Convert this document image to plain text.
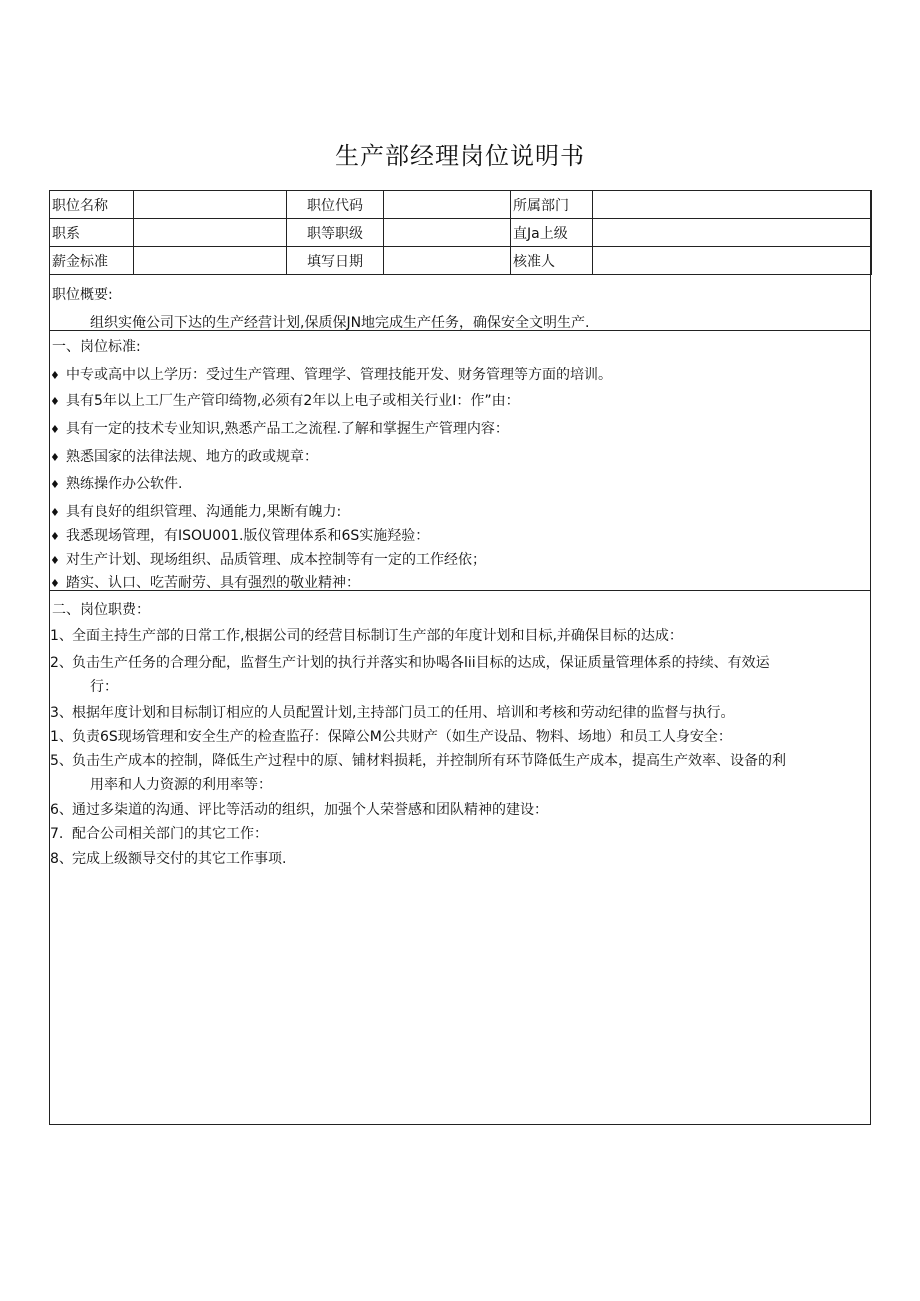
生产部经理岗位说明书
职位名称		职位代码		所属部门	
职系		职等职级		直Ja上级	
薪金标准		填写日期		核准人	
职位概要:
组织实俺公司下达的生产经营计划,保质保JN地完成生产任务，确保安全文明生产.
一、岗位标准:
♦ 中专或高中以上学历：受过生产管理、管理学、管理技能开发、财务管理等方面的培训。
♦ 具有5年以上工厂生产管印绮物,必须有2年以上电子或相关行业I：作”由：
♦ 具有一定的技术专业知识,熟悉产品工之流程.了解和掌握生产管理内容：
♦ 熟悉国家的法律法规、地方的政或规章：
♦ 熟练操作办公软件.
♦ 具有良好的组织管理、沟通能力,果断有魄力:
♦ 我悉现场管理，有ISOU001.版仪管理体系和6S实施羟验：
♦ 对生产计划、现场组织、品质管理、成本控制等有一定的工作经依；
♦ 踏实、认口、吃苦耐劳、具有强烈的敬业精神：
二、岗位职费：
1、全面主持生产部的日常工作,根据公司的经营目标制订生产部的年度计划和目标,并确保目标的达成：
2、负击生产任务的合理分配，监督生产计划的执行并落实和协喝各lii目标的达成，保证质量管理体系的持续、有效运
行：
3、根据年度计划和目标制订相应的人员配置计划,主持部门员工的任用、培训和考核和劳动纪律的监督与执行。
1、负责6S现场管理和安全生产的检查监孖：保障公M公共财产（如生产设品、物料、场地）和员工人身安全：
5、负击生产成本的控制，降低生产过程中的原、铺材料损耗，并控制所有环节降低生产成本，提高生产效率、设备的利
用率和人力资源的利用率等：
6、通过多柒道的沟通、评比等活动的组织，加强个人荣誉感和团队精神的建设：
7. 配合公司相关部门的其它工作：
8、完成上级额导交付的其它工作事项.
